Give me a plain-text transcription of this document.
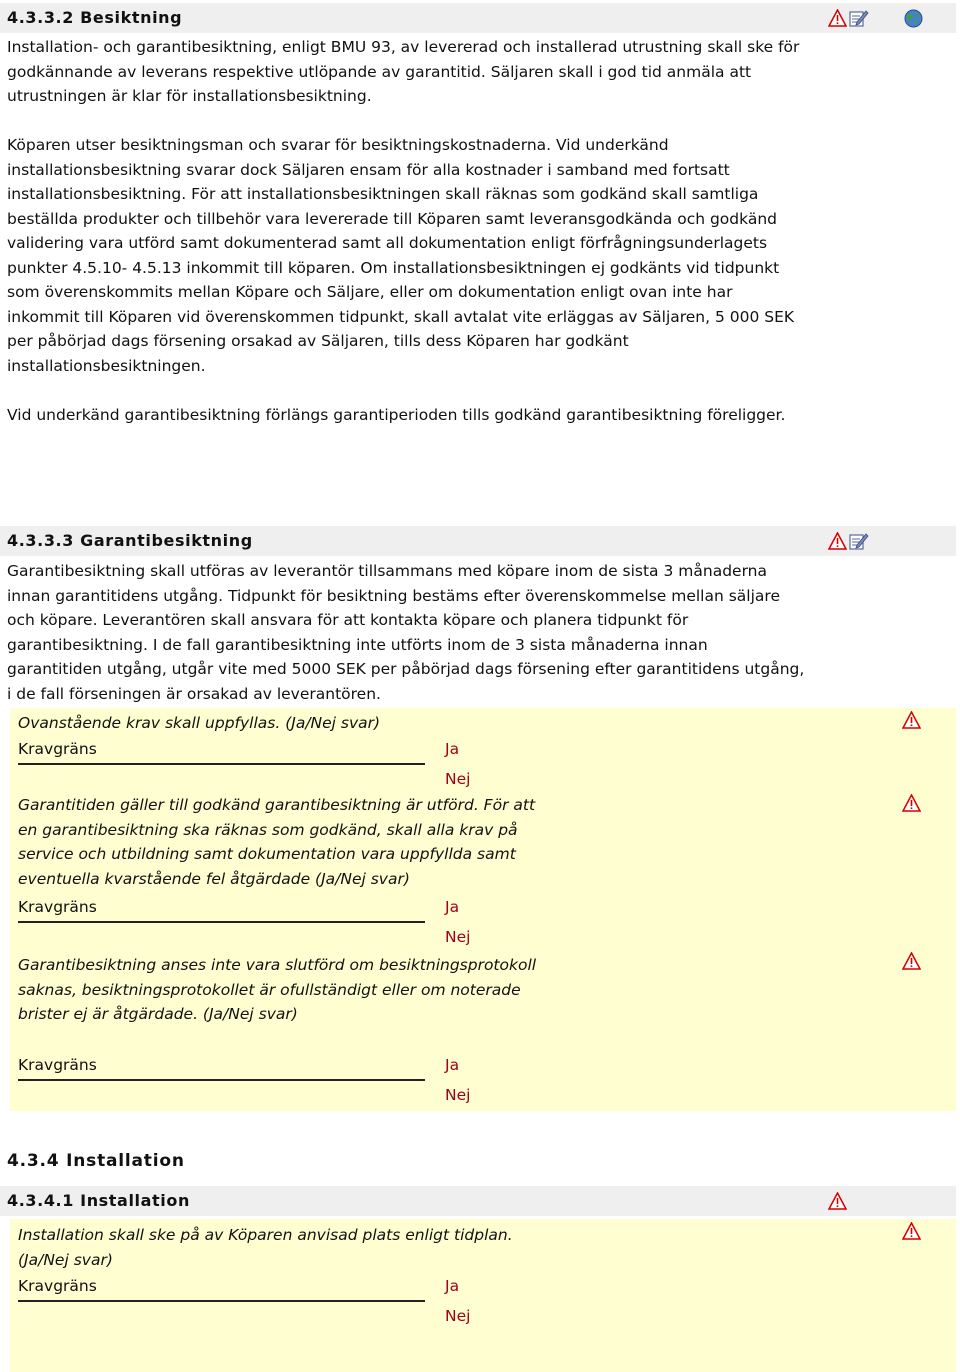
4.3.3.2 Besiktning

Installation- och garantibesiktning, enligt BMU 93, av levererad och installerad utrustning skall ske för godkännande av leverans respektive utlöpande av garantitid. Säljaren skall i god tid anmäla att utrustningen är klar för installationsbesiktning.

Köparen utser besiktningsman och svarar för besiktningskostnaderna. Vid underkänd installationsbesiktning svarar dock Säljaren ensam för alla kostnader i samband med fortsatt installationsbesiktning. För att installationsbesiktningen skall räknas som godkänd skall samtliga beställda produkter och tillbehör vara levererade till Köparen samt leveransgodkända och godkänd validering vara utförd samt dokumenterad samt all dokumentation enligt förfrågningsunderlagets punkter 4.5.10- 4.5.13 inkommit till köparen. Om installationsbesiktningen ej godkänts vid tidpunkt som överenskommits mellan Köpare och Säljare, eller om dokumentation enligt ovan inte har inkommit till Köparen vid överenskommen tidpunkt, skall avtalat vite erläggas av Säljaren, 5 000 SEK per påbörjad dags försening orsakad av Säljaren, tills dess Köparen har godkänt installationsbesiktningen.

Vid underkänd garantibesiktning förlängs garantiperioden tills godkänd garantibesiktning föreligger.

4.3.3.3 Garantibesiktning

Garantibesiktning skall utföras av leverantör tillsammans med köpare inom de sista 3 månaderna innan garantitidens utgång. Tidpunkt för besiktning bestäms efter överenskommelse mellan säljare och köpare. Leverantören skall ansvara för att kontakta köpare och planera tidpunkt för garantibesiktning. I de fall garantibesiktning inte utförts inom de 3 sista månaderna innan garantitiden utgång, utgår vite med 5000 SEK per påbörjad dags försening efter garantitidens utgång, i de fall förseningen är orsakad av leverantören.

Ovanstående krav skall uppfyllas. (Ja/Nej svar)

Kravgräns	Ja
Nej

Garantitiden gäller till godkänd garantibesiktning är utförd. För att en garantibesiktning ska räknas som godkänd, skall alla krav på service och utbildning samt dokumentation vara uppfyllda samt eventuella kvarstående fel åtgärdade (Ja/Nej svar)

Kravgräns	Ja
Nej

Garantibesiktning anses inte vara slutförd om besiktningsprotokoll saknas, besiktningsprotokollet är ofullständigt eller om noterade brister ej är åtgärdade. (Ja/Nej svar)

Kravgräns	Ja
Nej
4.3.4 Installation
4.3.4.1 Installation

Installation skall ske på av Köparen anvisad plats enligt tidplan. (Ja/Nej svar)

Kravgräns	Ja
Nej
